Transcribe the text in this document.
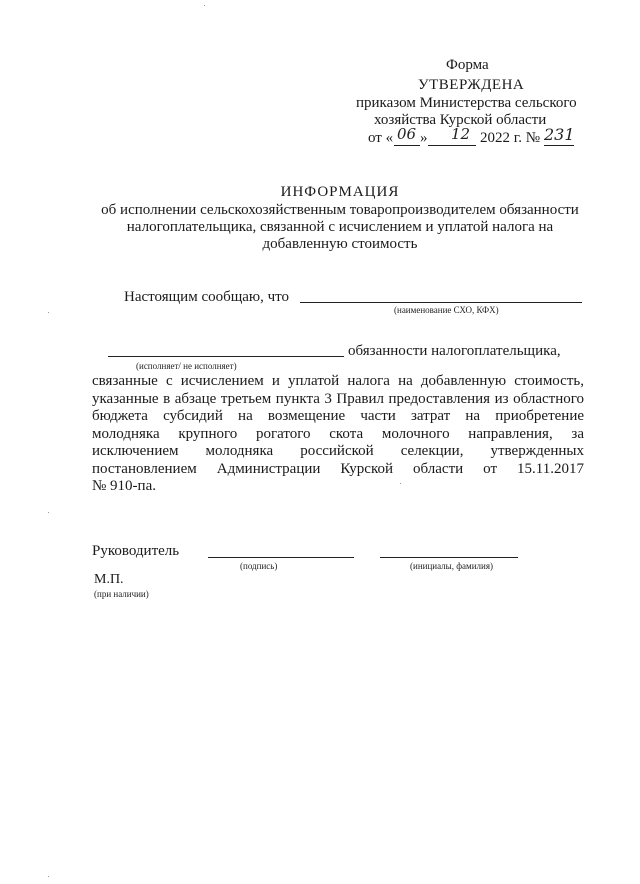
Форма
УТВЕРЖДЕНА
приказом Министерства сельского
хозяйства Курской области
от « 06 » 12 2022 г. № 231
ИНФОРМАЦИЯ
об исполнении сельскохозяйственным товаропроизводителем обязанности
налогоплательщика, связанной с исчислением и уплатой налога на
добавленную стоимость
Настоящим сообщаю, что
(наименование СХО, КФХ)
обязанности налогоплательщика,
(исполняет/ не исполняет)
связанные с исчислением и уплатой налога на добавленную стоимость,
указанные в абзаце третьем пункта 3 Правил предоставления из областного
бюджета субсидий на возмещение части затрат на приобретение
молодняка крупного рогатого скота молочного направления, за
исключением молодняка российской селекции, утвержденных
постановлением Администрации Курской области от 15.11.2017
№ 910-па.
Руководитель
(подпись)	(инициалы, фамилия)
М.П.
(при наличии)
